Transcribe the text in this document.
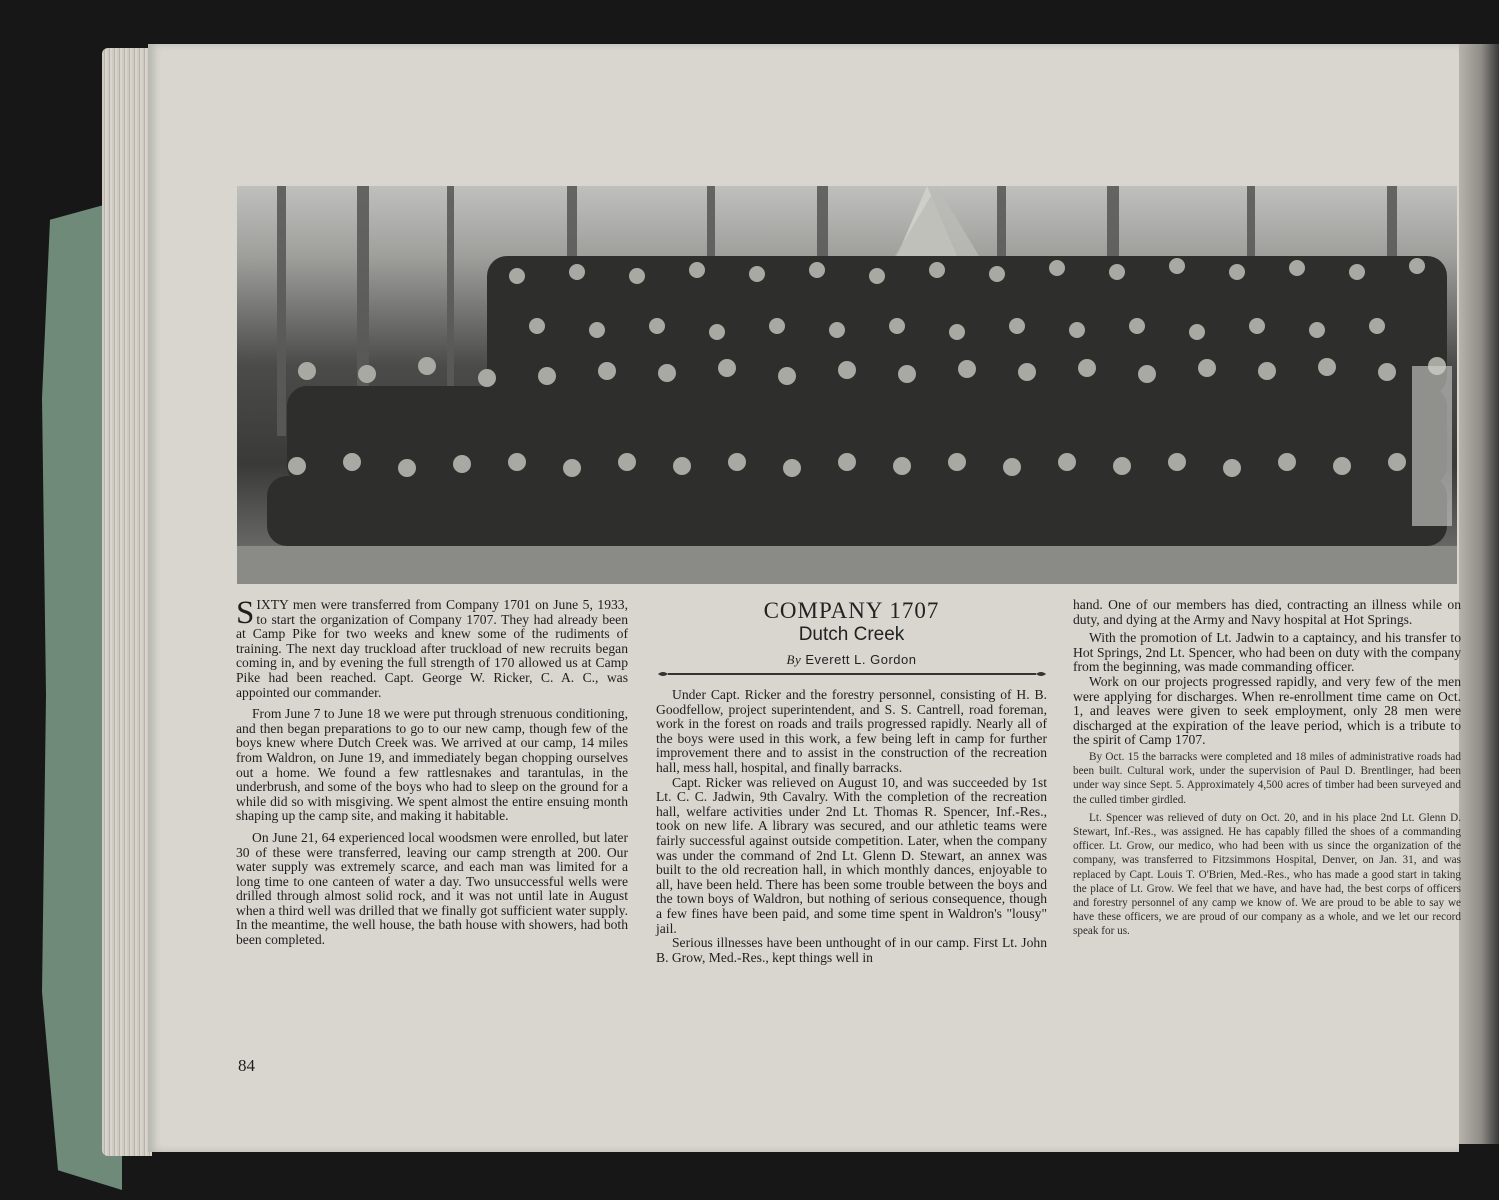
SIXTY men were transferred from Company 1701 on June 5, 1933, to start the organization of Company 1707. They had already been at Camp Pike for two weeks and knew some of the rudiments of training. The next day truckload after truckload of new recruits began coming in, and by evening the full strength of 170 allowed us at Camp Pike had been reached. Capt. George W. Ricker, C. A. C., was appointed our commander.

From June 7 to June 18 we were put through strenuous conditioning, and then began preparations to go to our new camp, though few of the boys knew where Dutch Creek was. We arrived at our camp, 14 miles from Waldron, on June 19, and immediately began chopping ourselves out a home. We found a few rattlesnakes and tarantulas, in the underbrush, and some of the boys who had to sleep on the ground for a while did so with misgiving. We spent almost the entire ensuing month shaping up the camp site, and making it habitable.

On June 21, 64 experienced local woodsmen were enrolled, but later 30 of these were transferred, leaving our camp strength at 200. Our water supply was extremely scarce, and each man was limited for a long time to one canteen of water a day. Two unsuccessful wells were drilled through almost solid rock, and it was not until late in August when a third well was drilled that we finally got sufficient water supply. In the meantime, the well house, the bath house with showers, had both been completed.

COMPANY 1707
Dutch Creek
By Everett L. Gordon

Under Capt. Ricker and the forestry personnel, consisting of H. B. Goodfellow, project superintendent, and S. S. Cantrell, road foreman, work in the forest on roads and trails progressed rapidly. Nearly all of the boys were used in this work, a few being left in camp for further improvement there and to assist in the construction of the recreation hall, mess hall, hospital, and finally barracks.

Capt. Ricker was relieved on August 10, and was succeeded by 1st Lt. C. C. Jadwin, 9th Cavalry. With the completion of the recreation hall, welfare activities under 2nd Lt. Thomas R. Spencer, Inf.-Res., took on new life. A library was secured, and our athletic teams were fairly successful against outside competition. Later, when the company was under the command of 2nd Lt. Glenn D. Stewart, an annex was built to the old recreation hall, in which monthly dances, enjoyable to all, have been held. There has been some trouble between the boys and the town boys of Waldron, but nothing of serious consequence, though a few fines have been paid, and some time spent in Waldron's "lousy" jail.

Serious illnesses have been unthought of in our camp. First Lt. John B. Grow, Med.-Res., kept things well in

hand. One of our members has died, contracting an illness while on duty, and dying at the Army and Navy hospital at Hot Springs.

With the promotion of Lt. Jadwin to a captaincy, and his transfer to Hot Springs, 2nd Lt. Spencer, who had been on duty with the company from the beginning, was made commanding officer.

Work on our projects progressed rapidly, and very few of the men were applying for discharges. When re-enrollment time came on Oct. 1, and leaves were given to seek employment, only 28 men were discharged at the expiration of the leave period, which is a tribute to the spirit of Camp 1707.

By Oct. 15 the barracks were completed and 18 miles of administrative roads had been built. Cultural work, under the supervision of Paul D. Brentlinger, had been under way since Sept. 5. Approximately 4,500 acres of timber had been surveyed and the culled timber girdled.

Lt. Spencer was relieved of duty on Oct. 20, and in his place 2nd Lt. Glenn D. Stewart, Inf.-Res., was assigned. He has capably filled the shoes of a commanding officer. Lt. Grow, our medico, who had been with us since the organization of the company, was transferred to Fitzsimmons Hospital, Denver, on Jan. 31, and was replaced by Capt. Louis T. O'Brien, Med.-Res., who has made a good start in taking the place of Lt. Grow. We feel that we have, and have had, the best corps of officers and forestry personnel of any camp we know of. We are proud to be able to say we have these officers, we are proud of our company as a whole, and we let our record speak for us.

84
